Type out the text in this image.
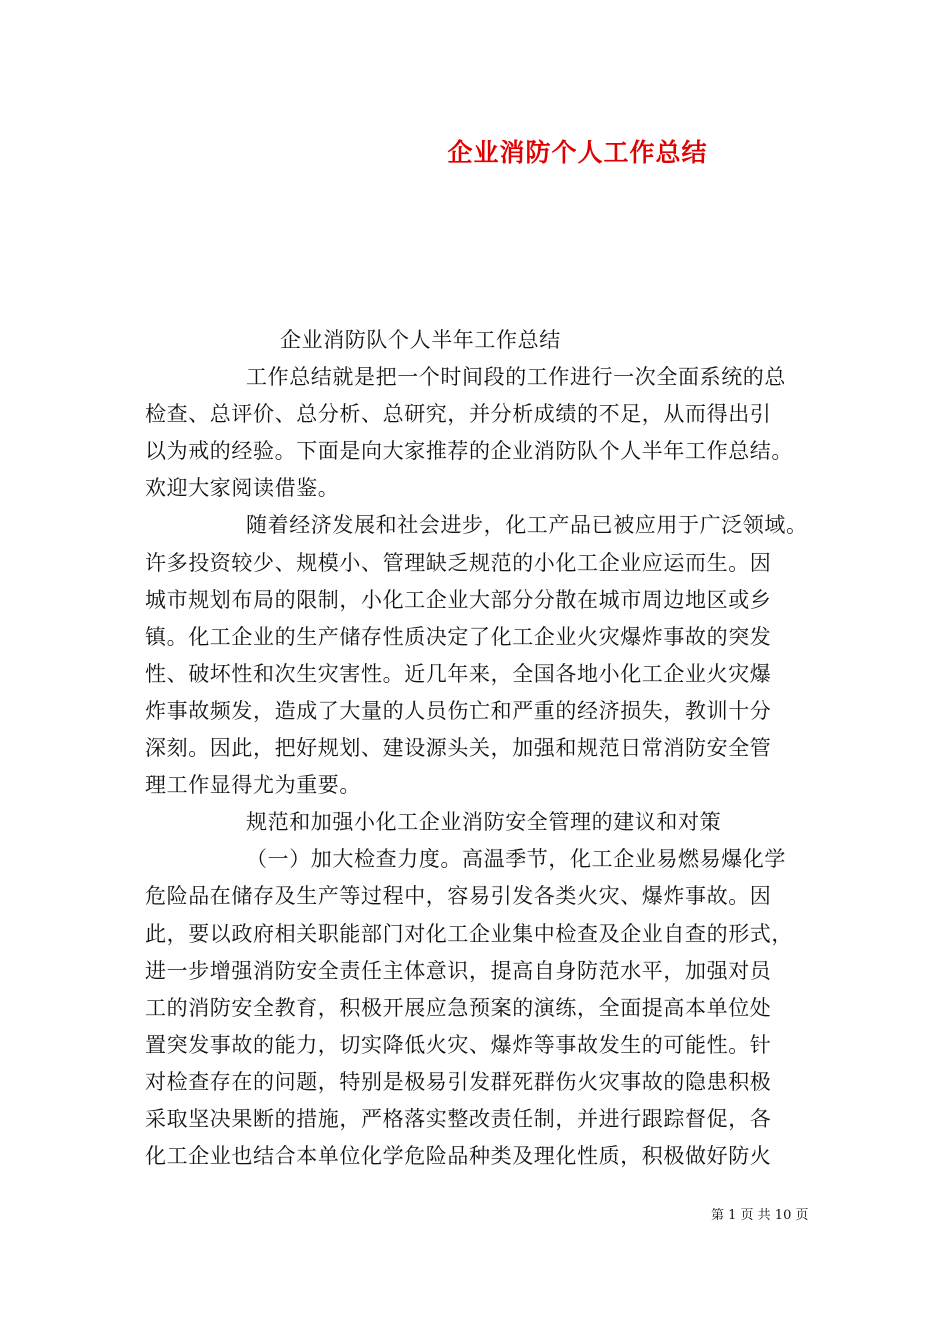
企业消防个人工作总结
企业消防队个人半年工作总结
工作总结就是把一个时间段的工作进行一次全面系统的总
检查、总评价、总分析、总研究，并分析成绩的不足，从而得出引
以为戒的经验。下面是向大家推荐的企业消防队个人半年工作总结。
欢迎大家阅读借鉴。
随着经济发展和社会进步，化工产品已被应用于广泛领域。
许多投资较少、规模小、管理缺乏规范的小化工企业应运而生。因
城市规划布局的限制，小化工企业大部分分散在城市周边地区或乡
镇。化工企业的生产储存性质决定了化工企业火灾爆炸事故的突发
性、破坏性和次生灾害性。近几年来，全国各地小化工企业火灾爆
炸事故频发，造成了大量的人员伤亡和严重的经济损失，教训十分
深刻。因此，把好规划、建设源头关，加强和规范日常消防安全管
理工作显得尤为重要。
规范和加强小化工企业消防安全管理的建议和对策
（一）加大检查力度。高温季节，化工企业易燃易爆化学
危险品在储存及生产等过程中，容易引发各类火灾、爆炸事故。因
此，要以政府相关职能部门对化工企业集中检查及企业自查的形式，
进一步增强消防安全责任主体意识，提高自身防范水平，加强对员
工的消防安全教育，积极开展应急预案的演练，全面提高本单位处
置突发事故的能力，切实降低火灾、爆炸等事故发生的可能性。针
对检查存在的问题，特别是极易引发群死群伤火灾事故的隐患积极
采取坚决果断的措施，严格落实整改责任制，并进行跟踪督促，各
化工企业也结合本单位化学危险品种类及理化性质，积极做好防火
第 1 页 共 10 页
